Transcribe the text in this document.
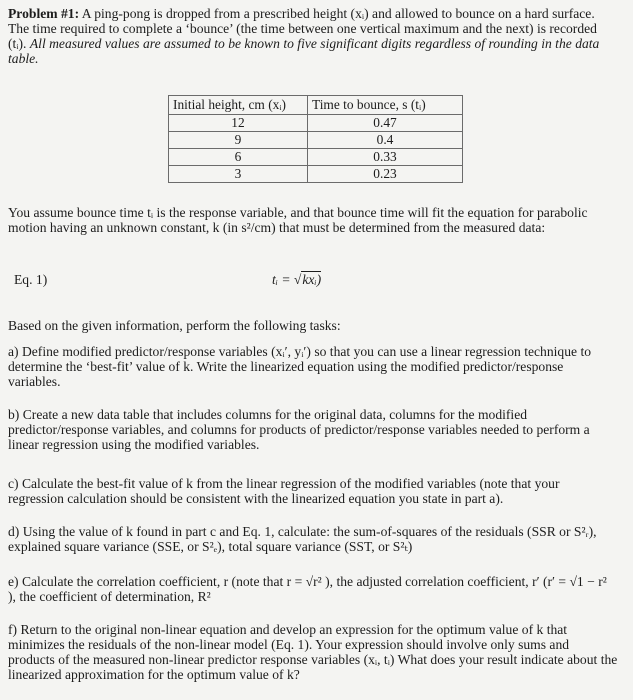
Problem #1: A ping-pong is dropped from a prescribed height (xᵢ) and allowed to bounce on a hard surface. The time required to complete a ‘bounce’ (the time between one vertical maximum and the next) is recorded (tᵢ). All measured values are assumed to be known to five significant digits regardless of rounding in the data table.

Initial height, cm (xᵢ)	Time to bounce, s (tᵢ)
12	0.47
9	0.4
6	0.33
3	0.23

You assume bounce time tᵢ is the response variable, and that bounce time will fit the equation for parabolic motion having an unknown constant, k (in s²/cm) that must be determined from the measured data:

Eq. 1)	tᵢ = √kxᵢ)

Based on the given information, perform the following tasks:

a) Define modified predictor/response variables (xᵢ′, yᵢ′) so that you can use a linear regression technique to determine the ‘best-fit’ value of k. Write the linearized equation using the modified predictor/response variables.

b) Create a new data table that includes columns for the original data, columns for the modified predictor/response variables, and columns for products of predictor/response variables needed to perform a linear regression using the modified variables.

c) Calculate the best-fit value of k from the linear regression of the modified variables (note that your regression calculation should be consistent with the linearized equation you state in part a).

d) Using the value of k found in part c and Eq. 1, calculate: the sum-of-squares of the residuals (SSR or S²ᵣ), explained square variance (SSE, or S²ₑ), total square variance (SST, or S²ₜ)

e) Calculate the correlation coefficient, r (note that r = √r² ), the adjusted correlation coefficient, r′ (r′ = √1 − r² ), the coefficient of determination, R²

f) Return to the original non-linear equation and develop an expression for the optimum value of k that minimizes the residuals of the non-linear model (Eq. 1). Your expression should involve only sums and products of the measured non-linear predictor response variables (xᵢ, tᵢ) What does your result indicate about the linearized approximation for the optimum value of k?
